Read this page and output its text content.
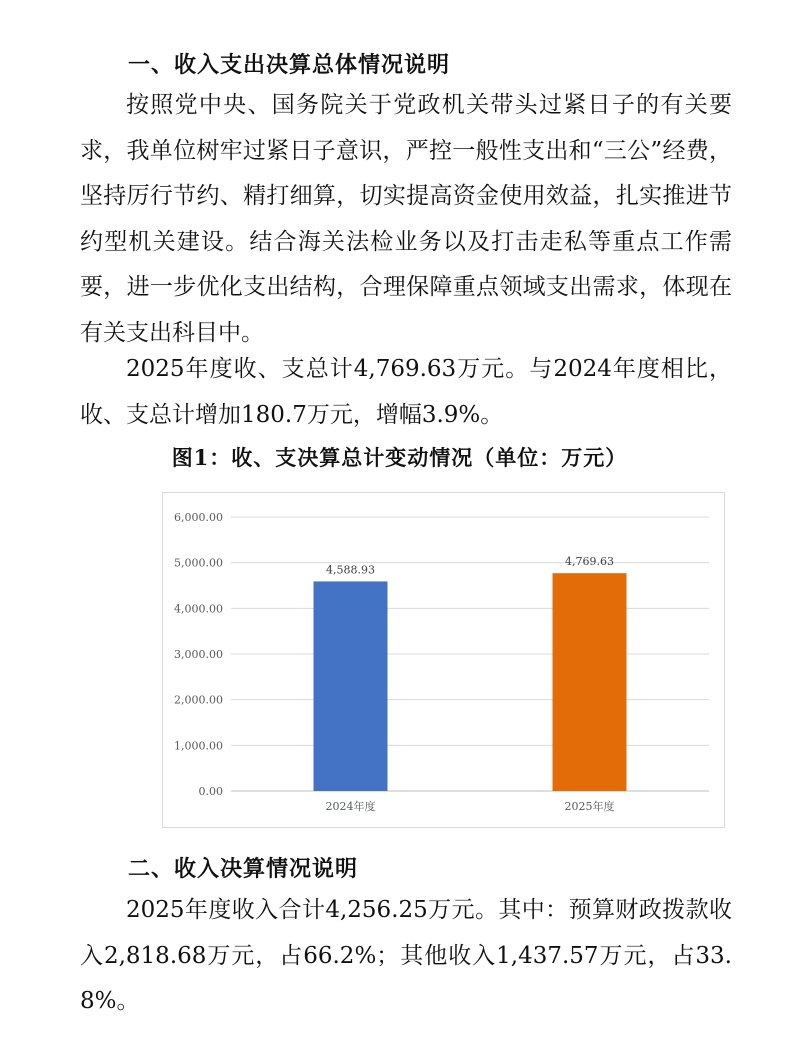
一、收入支出决算总体情况说明

按照党中央、国务院关于党政机关带头过紧日子的有关要求，我单位树牢过紧日子意识，严控一般性支出和“三公”经费，坚持厉行节约、精打细算，切实提高资金使用效益，扎实推进节约型机关建设。结合海关法检业务以及打击走私等重点工作需要，进一步优化支出结构，合理保障重点领域支出需求，体现在有关支出科目中。

2025年度收、支总计4,769.63万元。与2024年度相比，收、支总计增加180.7万元，增幅3.9%。

图1：收、支决算总计变动情况（单位：万元）
0.00
1,000.00
2,000.00
3,000.00
4,000.00
5,000.00
6,000.00
4,588.93
2024年度
4,769.63
2025年度
二、收入决算情况说明

2025年度收入合计4,256.25万元。其中：预算财政拨款收入2,818.68万元，占66.2%；其他收入1,437.57万元，占33.8%。
